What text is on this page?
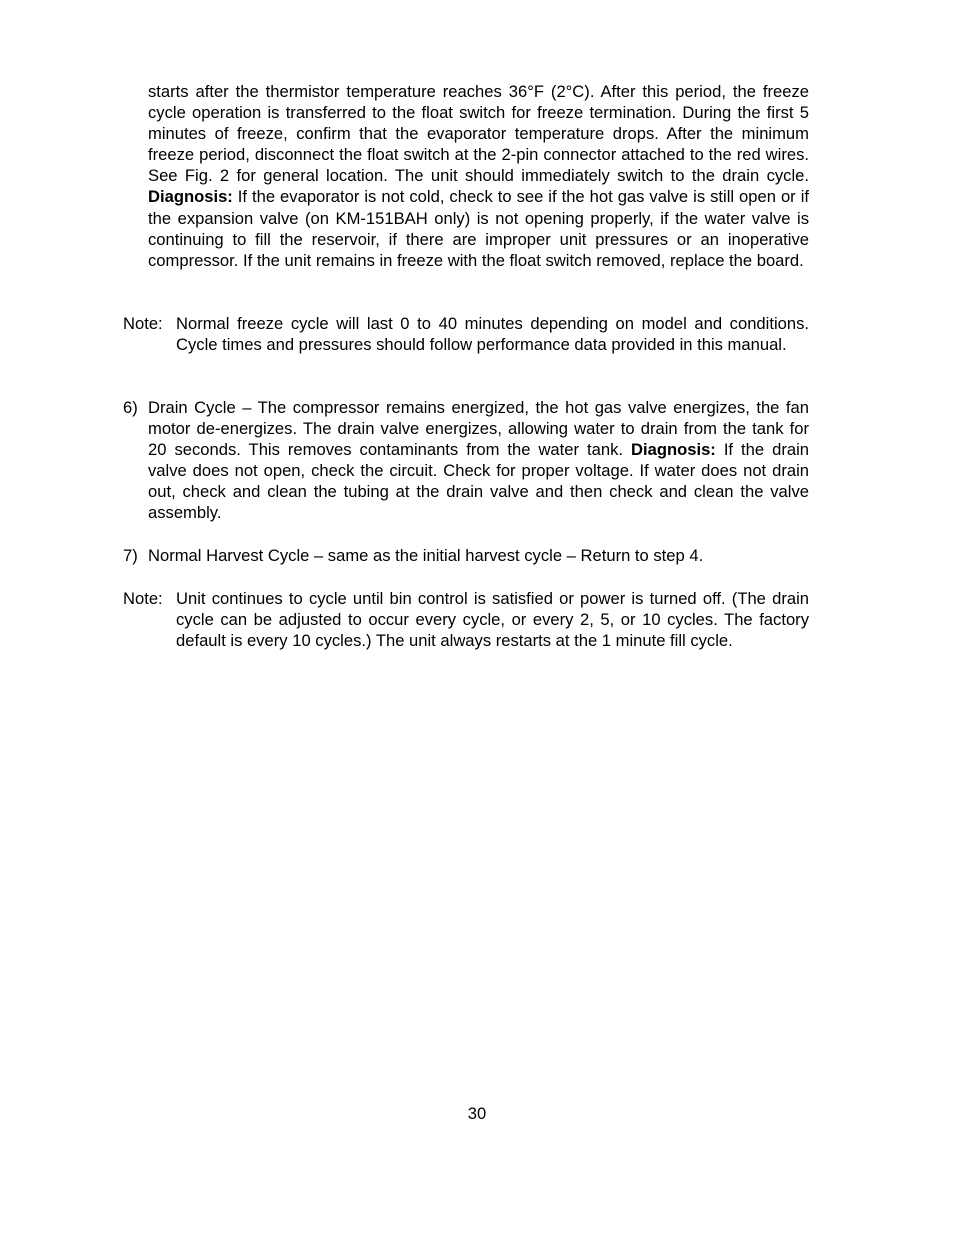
starts after the thermistor temperature reaches 36°F (2°C). After this period, the freeze cycle operation is transferred to the float switch for freeze termination. During the first 5 minutes of freeze, confirm that the evaporator temperature drops. After the minimum freeze period, disconnect the float switch at the 2-pin connector attached to the red wires. See Fig. 2 for general location. The unit should immediately switch to the drain cycle. Diagnosis: If the evaporator is not cold, check to see if the hot gas valve is still open or if the expansion valve (on KM-151BAH only) is not opening properly, if the water valve is continuing to fill the reservoir, if there are improper unit pressures or an inoperative compressor. If the unit remains in freeze with the float switch removed, replace the board.
Note: Normal freeze cycle will last 0 to 40 minutes depending on model and conditions. Cycle times and pressures should follow performance data provided in this manual.
6) Drain Cycle – The compressor remains energized, the hot gas valve energizes, the fan motor de-energizes. The drain valve energizes, allowing water to drain from the tank for 20 seconds. This removes contaminants from the water tank. Diagnosis: If the drain valve does not open, check the circuit. Check for proper voltage. If water does not drain out, check and clean the tubing at the drain valve and then check and clean the valve assembly.
7) Normal Harvest Cycle – same as the initial harvest cycle – Return to step 4.
Note: Unit continues to cycle until bin control is satisfied or power is turned off. (The drain cycle can be adjusted to occur every cycle, or every 2, 5, or 10 cycles. The factory default is every 10 cycles.) The unit always restarts at the 1 minute fill cycle.
30
